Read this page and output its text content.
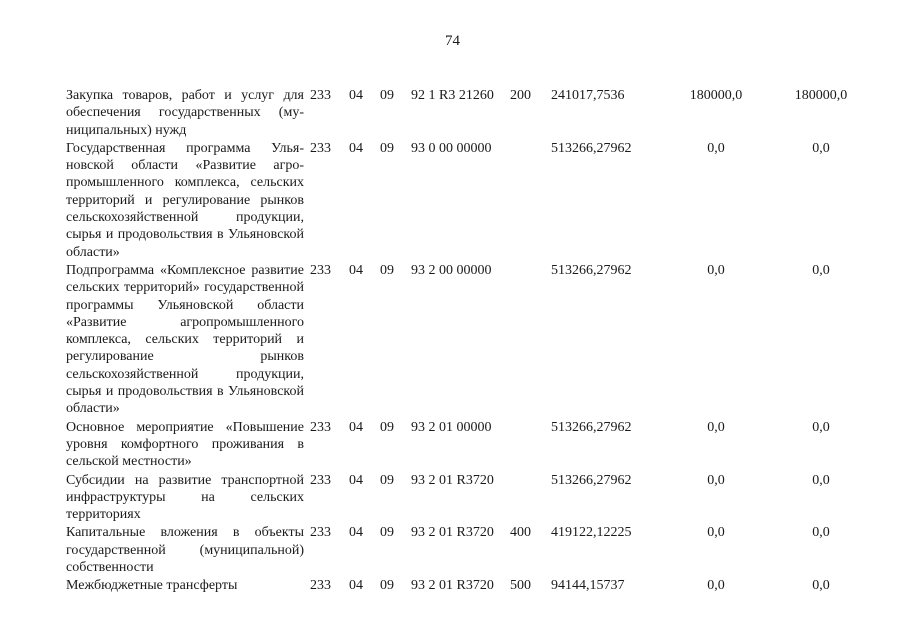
74
Закупка товаров, работ и услуг для обеспечения государственных (муниципальных) нужд	233	04	09	92 1 R3 21260	200	241017,7536	180000,0	180000,0
Государственная программа Ульяновской области «Развитие агропромышленного комплекса, сельских территорий и регулирование рынков сельскохозяйственной продукции, сырья и продовольствия в Ульяновской области»	233	04	09	93 0 00 00000		513266,27962	0,0	0,0
Подпрограмма «Комплексное развитие сельских территорий» государственной программы Ульяновской области «Развитие агропромышленного комплекса, сельских территорий и регулирование рынков сельскохозяйственной продукции, сырья и продовольствия в Ульяновской области»	233	04	09	93 2 00 00000		513266,27962	0,0	0,0
Основное мероприятие «Повышение уровня комфортного проживания в сельской местности»	233	04	09	93 2 01 00000		513266,27962	0,0	0,0
Субсидии на развитие транспортной инфраструктуры на сельских территориях	233	04	09	93 2 01 R3720		513266,27962	0,0	0,0
Капитальные вложения в объекты государственной (муниципальной) собственности	233	04	09	93 2 01 R3720	400	419122,12225	0,0	0,0
Межбюджетные трансферты	233	04	09	93 2 01 R3720	500	94144,15737	0,0	0,0
